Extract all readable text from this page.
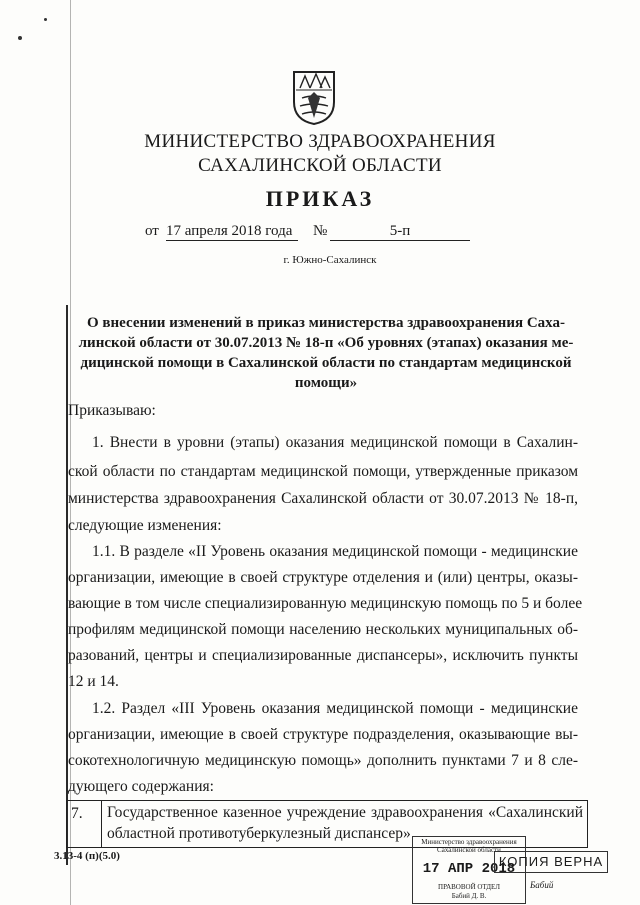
МИНИСТЕРСТВО ЗДРАВООХРАНЕНИЯ
САХАЛИНСКОЙ ОБЛАСТИ
ПРИКАЗ
от 17 апреля 2018 года	№	5-п
г. Южно-Сахалинск
О внесении изменений в приказ министерства здравоохранения Саха-
линской области от 30.07.2013 № 18-п «Об уровнях (этапах) оказания ме-
дицинской помощи в Сахалинской области по стандартам медицинской
помощи»
Приказываю:
1. Внести в уровни (этапы) оказания медицинской помощи в Сахалин-
ской области по стандартам медицинской помощи, утвержденные приказом
министерства здравоохранения Сахалинской области от 30.07.2013 № 18-п,
следующие изменения:
1.1. В разделе «II Уровень оказания медицинской помощи - медицинские
организации, имеющие в своей структуре отделения и (или) центры, оказы-
вающие в том числе специализированную медицинскую помощь по 5 и более
профилям медицинской помощи населению нескольких муниципальных об-
разований, центры и специализированные диспансеры», исключить пункты
12 и 14.
1.2. Раздел «III Уровень оказания медицинской помощи - медицинские
организации, имеющие в своей структуре подразделения, оказывающие вы-
сокотехнологичную медицинскую помощь» дополнить пунктами 7 и 8 сле-
дующего содержания:
7. Государственное казенное учреждение здравоохранения «Сахалинский
областной противотуберкулезный диспансер»
3.13-4 (п)(5.0)
Министерство здравоохранения
Сахалинской области
17 АПР 2018
ПРАВОВОЙ ОТДЕЛ
Бабий Д. В.
КОПИЯ ВЕРНА
Бабий
